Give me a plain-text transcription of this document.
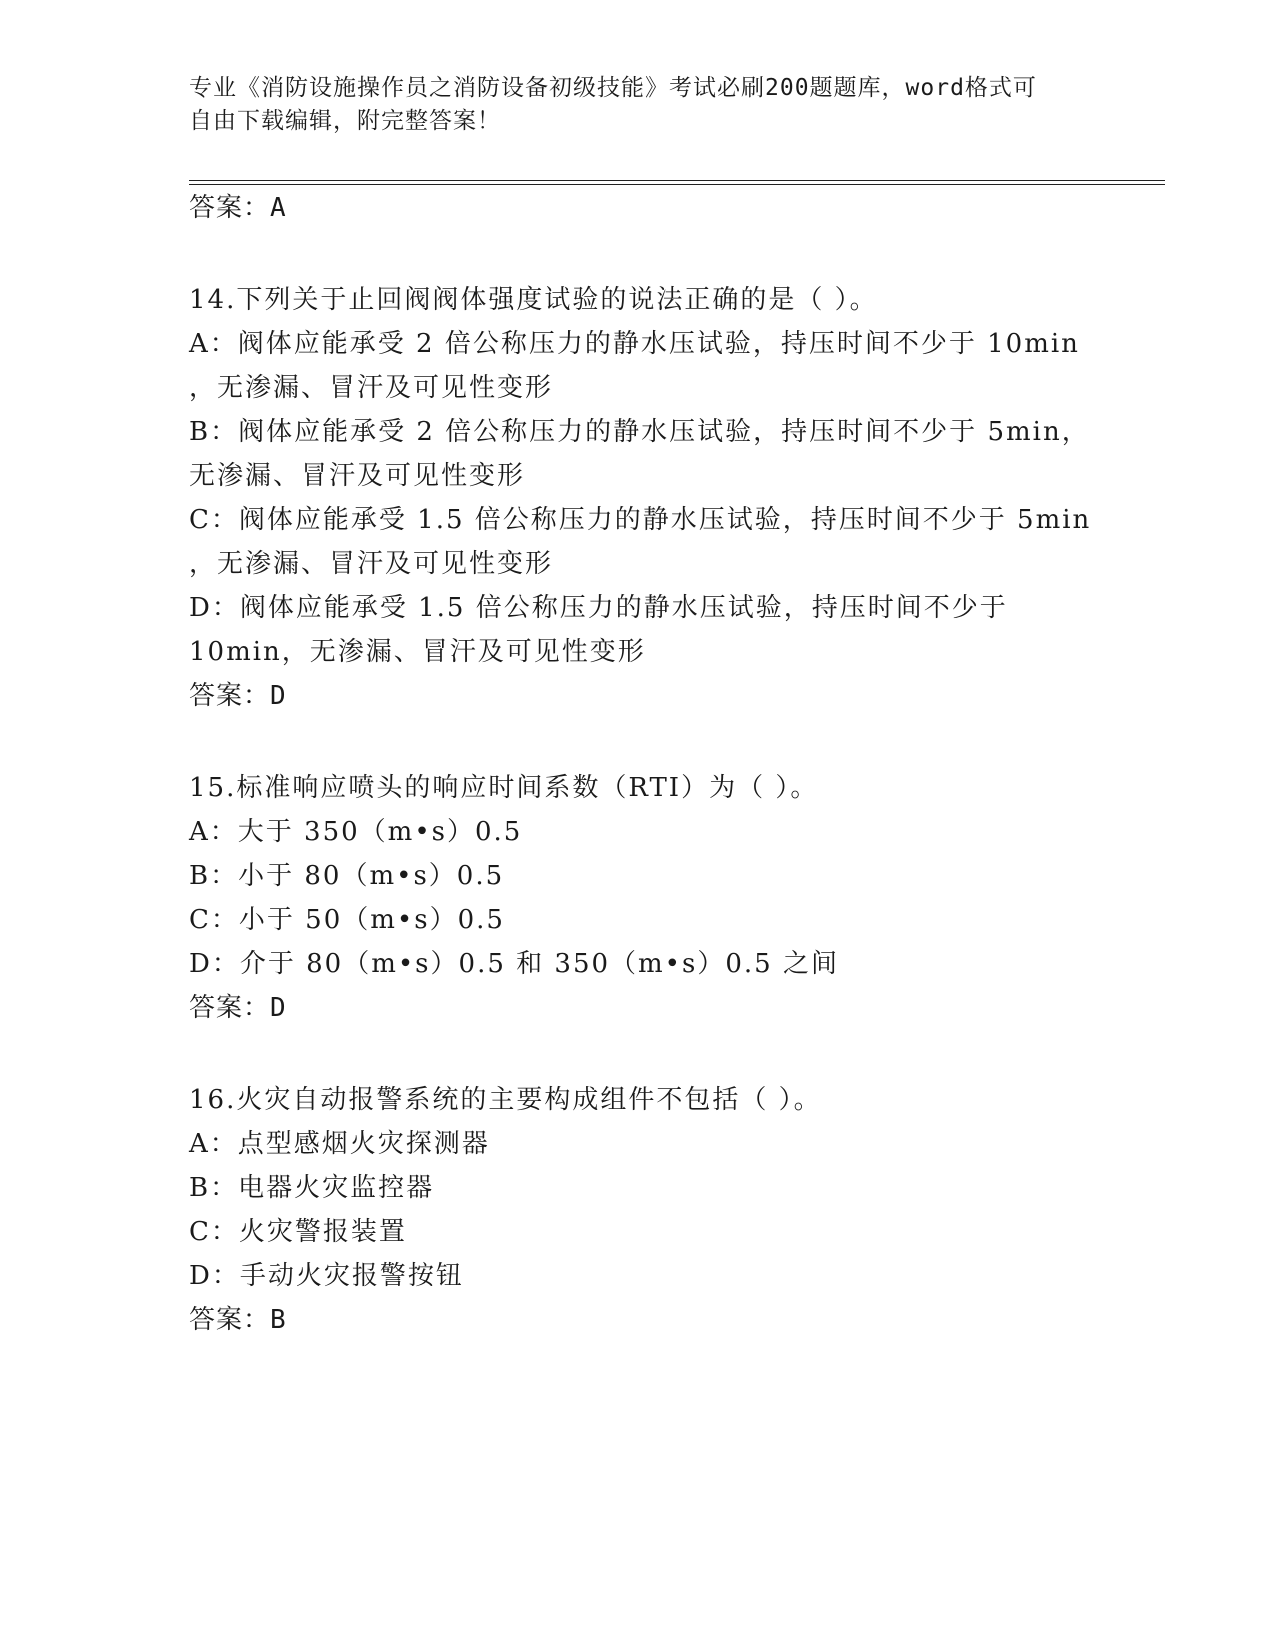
专业《消防设施操作员之消防设备初级技能》考试必刷200题题库，word格式可
自由下载编辑，附完整答案！
答案：A
14.下列关于止回阀阀体强度试验的说法正确的是（ ）。
A：阀体应能承受 2 倍公称压力的静水压试验，持压时间不少于 10min
，无渗漏、冒汗及可见性变形
B：阀体应能承受 2 倍公称压力的静水压试验，持压时间不少于 5min，
无渗漏、冒汗及可见性变形
C：阀体应能承受 1.5 倍公称压力的静水压试验，持压时间不少于 5min
，无渗漏、冒汗及可见性变形
D：阀体应能承受 1.5 倍公称压力的静水压试验，持压时间不少于
10min，无渗漏、冒汗及可见性变形
答案：D
15.标准响应喷头的响应时间系数（RTI）为（ ）。
A：大于 350（m•s）0.5
B：小于 80（m•s）0.5
C：小于 50（m•s）0.5
D：介于 80（m•s）0.5 和 350（m•s）0.5 之间
答案：D
16.火灾自动报警系统的主要构成组件不包括（ ）。
A：点型感烟火灾探测器
B：电器火灾监控器
C：火灾警报装置
D：手动火灾报警按钮
答案：B
